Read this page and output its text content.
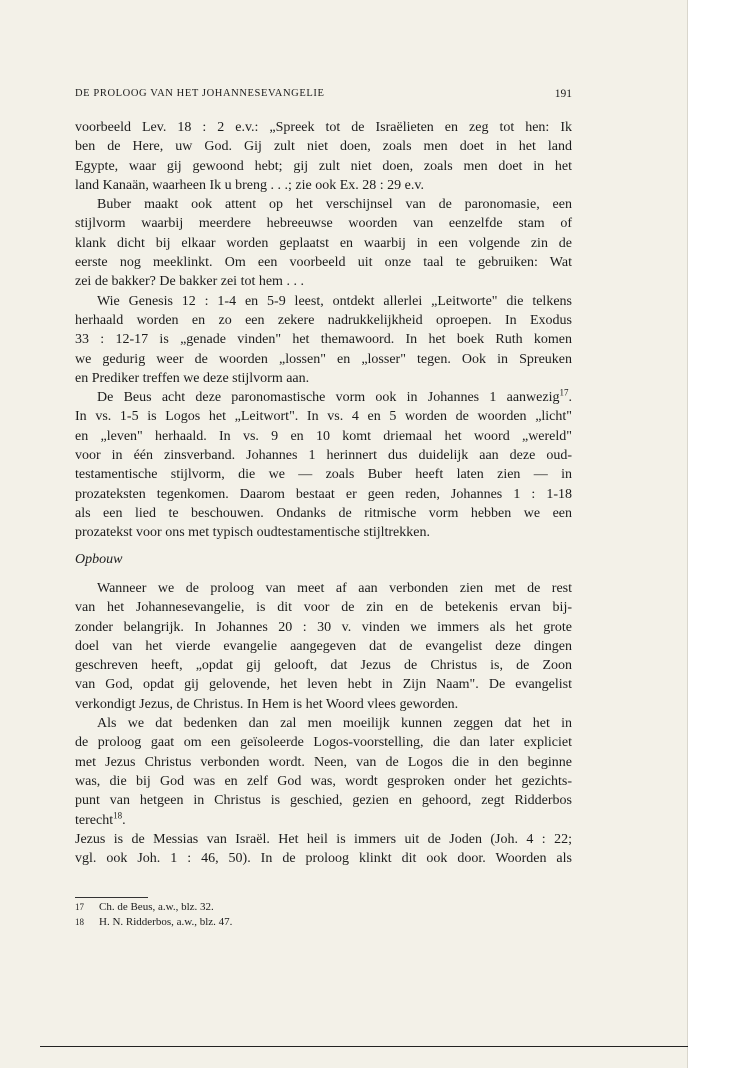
DE PROLOOG VAN HET JOHANNESEVANGELIE	191
voorbeeld Lev. 18 : 2 e.v.: „Spreek tot de Israëlieten en zeg tot hen: Ik
ben de Here, uw God. Gij zult niet doen, zoals men doet in het land
Egypte, waar gij gewoond hebt; gij zult niet doen, zoals men doet in het
land Kanaän, waarheen Ik u breng . . .; zie ook Ex. 28 : 29 e.v.
Buber maakt ook attent op het verschijnsel van de paronomasie, een
stijlvorm waarbij meerdere hebreeuwse woorden van eenzelfde stam of
klank dicht bij elkaar worden geplaatst en waarbij in een volgende zin de
eerste nog meeklinkt. Om een voorbeeld uit onze taal te gebruiken: Wat
zei de bakker? De bakker zei tot hem . . .
Wie Genesis 12 : 1-4 en 5-9 leest, ontdekt allerlei „Leitworte" die telkens
herhaald worden en zo een zekere nadrukkelijkheid oproepen. In Exodus
33 : 12-17 is „genade vinden" het themawoord. In het boek Ruth komen
we gedurig weer de woorden „lossen" en „losser" tegen. Ook in Spreuken
en Prediker treffen we deze stijlvorm aan.
De Beus acht deze paronomastische vorm ook in Johannes 1 aanwezig$^{17}$.
In vs. 1-5 is Logos het „Leitwort". In vs. 4 en 5 worden de woorden „licht"
en „leven" herhaald. In vs. 9 en 10 komt driemaal het woord „wereld"
voor in één zinsverband. Johannes 1 herinnert dus duidelijk aan deze oud-
testamentische stijlvorm, die we — zoals Buber heeft laten zien — in
prozateksten tegenkomen. Daarom bestaat er geen reden, Johannes 1 : 1-18
als een lied te beschouwen. Ondanks de ritmische vorm hebben we een
prozatekst voor ons met typisch oudtestamentische stijltrekken.
Opbouw
Wanneer we de proloog van meet af aan verbonden zien met de rest
van het Johannesevangelie, is dit voor de zin en de betekenis ervan bij-
zonder belangrijk. In Johannes 20 : 30 v. vinden we immers als het grote
doel van het vierde evangelie aangegeven dat de evangelist deze dingen
geschreven heeft, „opdat gij gelooft, dat Jezus de Christus is, de Zoon
van God, opdat gij gelovende, het leven hebt in Zijn Naam". De evangelist
verkondigt Jezus, de Christus. In Hem is het Woord vlees geworden.
Als we dat bedenken dan zal men moeilijk kunnen zeggen dat het in
de proloog gaat om een geïsoleerde Logos-voorstelling, die dan later expliciet
met Jezus Christus verbonden wordt. Neen, van de Logos die in den beginne
was, die bij God was en zelf God was, wordt gesproken onder het gezichts-
punt van hetgeen in Christus is geschied, gezien en gehoord, zegt Ridderbos
terecht$^{18}$.
Jezus is de Messias van Israël. Het heil is immers uit de Joden (Joh. 4 : 22;
vgl. ook Joh. 1 : 46, 50). In de proloog klinkt dit ook door. Woorden als
17 Ch. de Beus, a.w., blz. 32.
18 H. N. Ridderbos, a.w., blz. 47.
